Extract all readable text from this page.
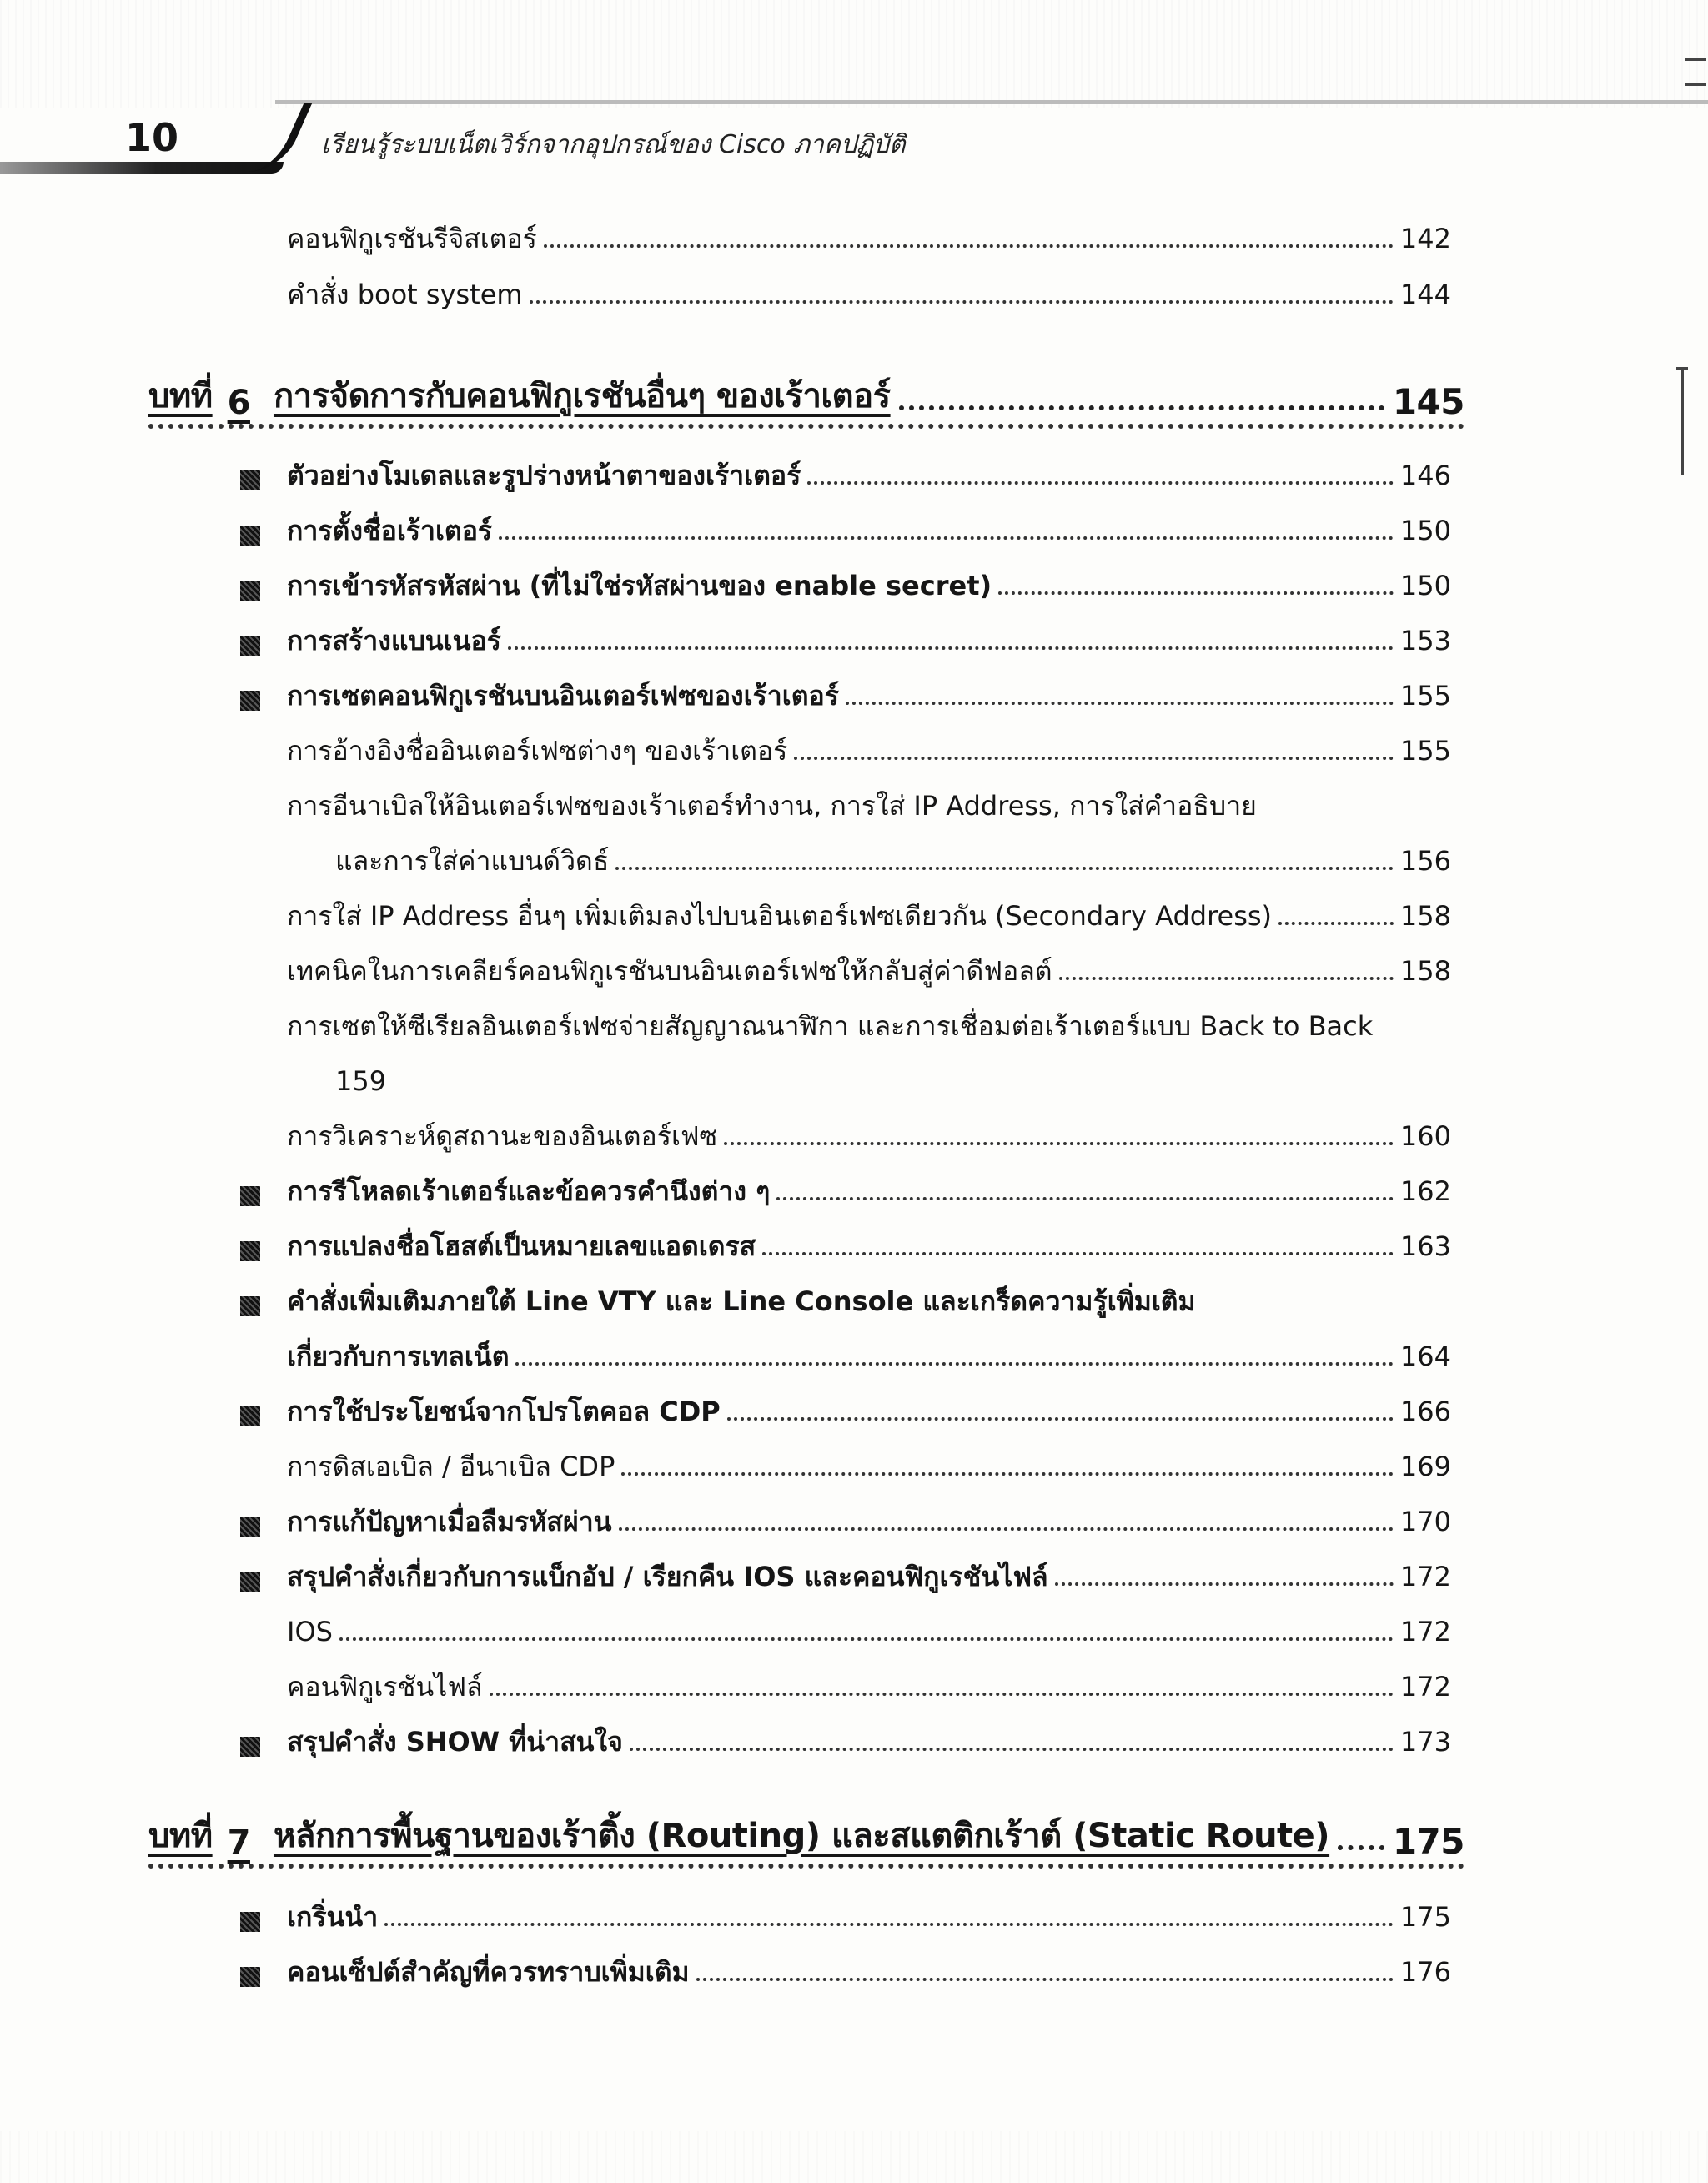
10	เรียนรู้ระบบเน็ตเวิร์กจากอุปกรณ์ของ Cisco ภาคปฏิบัติ
คอนฟิกูเรชันรีจิสเตอร์	142
คำสั่ง boot system	144
บทที่ 6 การจัดการกับคอนฟิกูเรชันอื่นๆ ของเร้าเตอร์	145
ตัวอย่างโมเดลและรูปร่างหน้าตาของเร้าเตอร์	146
การตั้งชื่อเร้าเตอร์	150
การเข้ารหัสรหัสผ่าน (ที่ไม่ใช่รหัสผ่านของ enable secret)	150
การสร้างแบนเนอร์	153
การเซตคอนฟิกูเรชันบนอินเตอร์เฟซของเร้าเตอร์	155
การอ้างอิงชื่ออินเตอร์เฟซต่างๆ ของเร้าเตอร์	155
การอีนาเบิลให้อินเตอร์เฟซของเร้าเตอร์ทำงาน, การใส่ IP Address, การใส่คำอธิบาย
และการใส่ค่าแบนด์วิดธ์	156
การใส่ IP Address อื่นๆ เพิ่มเติมลงไปบนอินเตอร์เฟซเดียวกัน (Secondary Address)	158
เทคนิคในการเคลียร์คอนฟิกูเรชันบนอินเตอร์เฟซให้กลับสู่ค่าดีฟอลต์	158
การเซตให้ซีเรียลอินเตอร์เฟซจ่ายสัญญาณนาฬิกา และการเชื่อมต่อเร้าเตอร์แบบ Back to Back
159
การวิเคราะห์ดูสถานะของอินเตอร์เฟซ	160
การรีโหลดเร้าเตอร์และข้อควรคำนึงต่าง ๆ	162
การแปลงชื่อโฮสต์เป็นหมายเลขแอดเดรส	163
คำสั่งเพิ่มเติมภายใต้ Line VTY และ Line Console และเกร็ดความรู้เพิ่มเติม
เกี่ยวกับการเทลเน็ต	164
การใช้ประโยชน์จากโปรโตคอล CDP	166
การดิสเอเบิล / อีนาเบิล CDP	169
การแก้ปัญหาเมื่อลืมรหัสผ่าน	170
สรุปคำสั่งเกี่ยวกับการแบ็กอัป / เรียกคืน IOS และคอนฟิกูเรชันไฟล์	172
IOS	172
คอนฟิกูเรชันไฟล์	172
สรุปคำสั่ง SHOW ที่น่าสนใจ	173
บทที่ 7 หลักการพื้นฐานของเร้าติ้ง (Routing) และสแตติกเร้าต์ (Static Route) 175
เกริ่นนำ	175
คอนเซ็ปต์สำคัญที่ควรทราบเพิ่มเติม	176
